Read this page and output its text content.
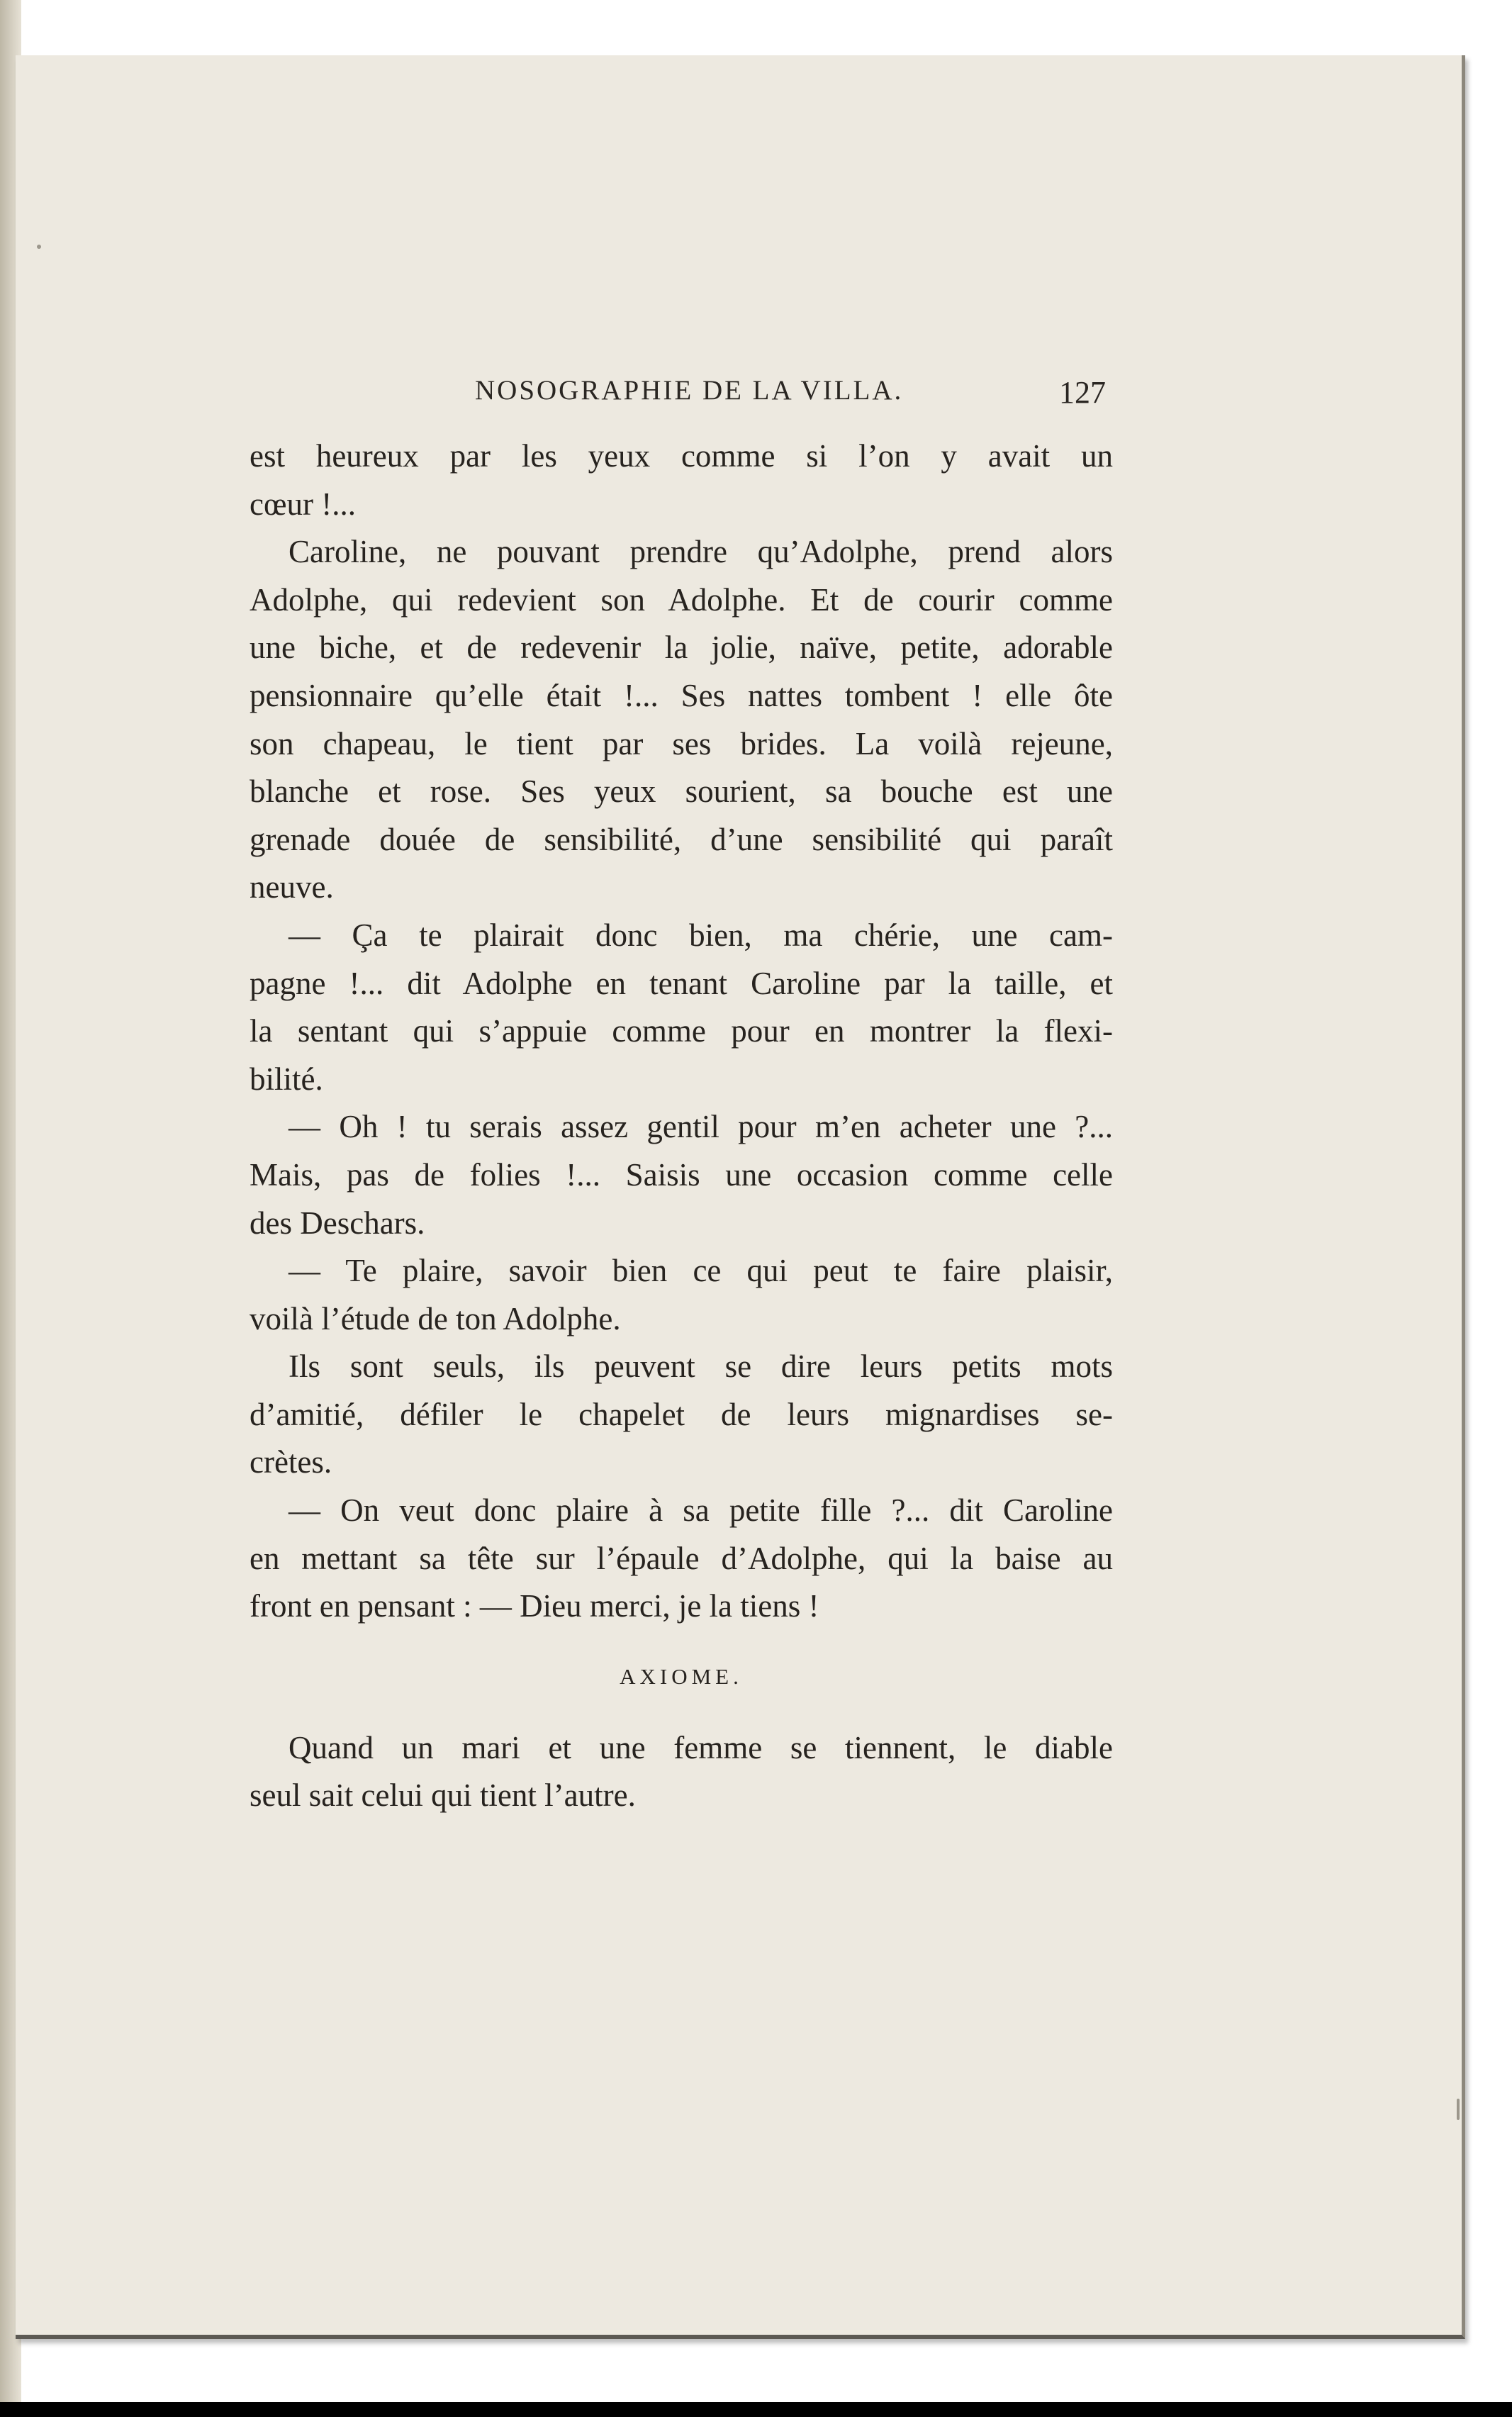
NOSOGRAPHIE DE LA VILLA.	127
est heureux par les yeux comme si l’on y avait un
cœur !...
Caroline, ne pouvant prendre qu’Adolphe, prend alors
Adolphe, qui redevient son Adolphe. Et de courir comme
une biche, et de redevenir la jolie, naïve, petite, adorable
pensionnaire qu’elle était !... Ses nattes tombent ! elle ôte
son chapeau, le tient par ses brides. La voilà rejeune,
blanche et rose. Ses yeux sourient, sa bouche est une
grenade douée de sensibilité, d’une sensibilité qui paraît
neuve.
— Ça te plairait donc bien, ma chérie, une cam-
pagne !... dit Adolphe en tenant Caroline par la taille, et
la sentant qui s’appuie comme pour en montrer la flexi-
bilité.
— Oh ! tu serais assez gentil pour m’en acheter une ?...
Mais, pas de folies !... Saisis une occasion comme celle
des Deschars.
— Te plaire, savoir bien ce qui peut te faire plaisir,
voilà l’étude de ton Adolphe.
Ils sont seuls, ils peuvent se dire leurs petits mots
d’amitié, défiler le chapelet de leurs mignardises se-
crètes.
— On veut donc plaire à sa petite fille ?... dit Caroline
en mettant sa tête sur l’épaule d’Adolphe, qui la baise au
front en pensant : — Dieu merci, je la tiens !
AXIOME.
Quand un mari et une femme se tiennent, le diable
seul sait celui qui tient l’autre.
